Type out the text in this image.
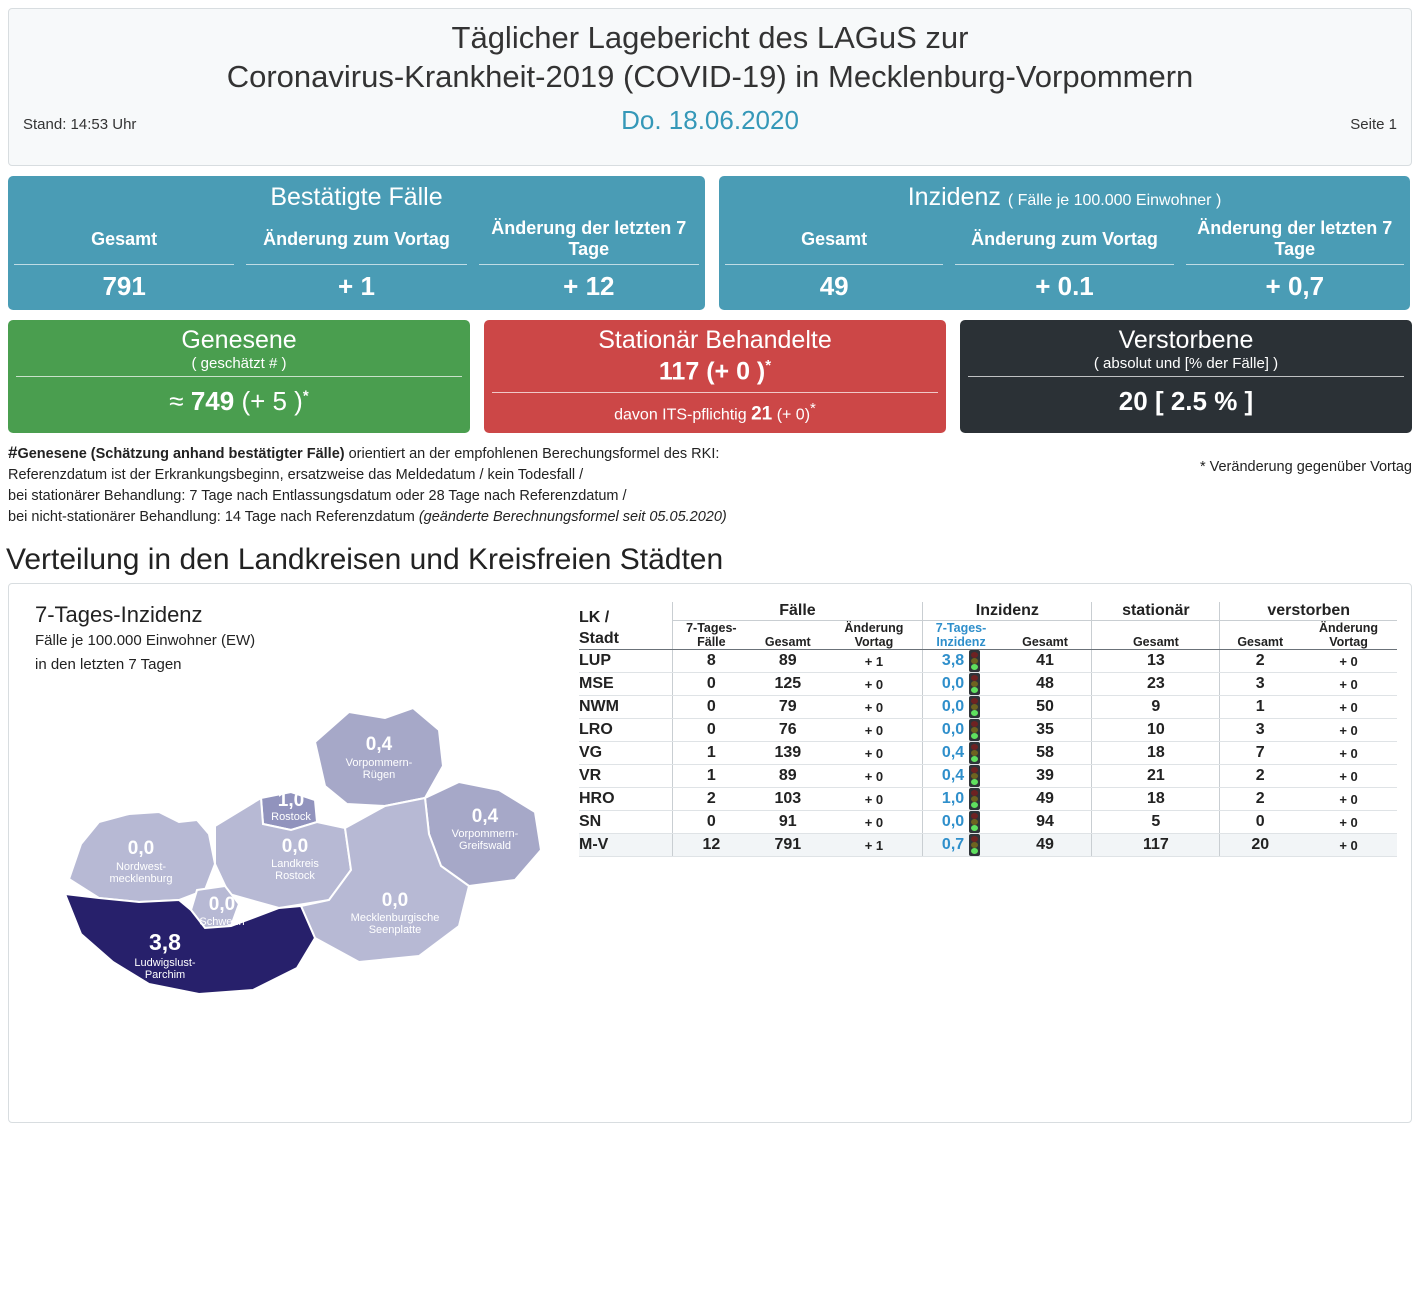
Täglicher Lagebericht des LAGuS zur
Coronavirus-Krankheit-2019 (COVID-19) in Mecklenburg-Vorpommern
Stand: 14:53 Uhr	Do. 18.06.2020	Seite 1
Bestätigte Fälle
Gesamt
791
Änderung zum Vortag
+ 1
Änderung der letzten 7 Tage
+ 12
Inzidenz ( Fälle je 100.000 Einwohner )
Gesamt
49
Änderung zum Vortag
+ 0.1
Änderung der letzten 7 Tage
+ 0,7
Genesene
( geschätzt # )
≈ 749 (+ 5 )*
Stationär Behandelte
117 (+ 0 )*
davon ITS-pflichtig 21 (+ 0)*
Verstorbene
( absolut und [% der Fälle] )
20 [ 2.5 % ]
#Genesene (Schätzung anhand bestätigter Fälle) orientiert an der empfohlenen Berechungsformel des RKI:
Referenzdatum ist der Erkrankungsbeginn, ersatzweise das Meldedatum / kein Todesfall /
bei stationärer Behandlung: 7 Tage nach Entlassungsdatum oder 28 Tage nach Referenzdatum /
bei nicht-stationärer Behandlung: 14 Tage nach Referenzdatum (geänderte Berechnungsformel seit 05.05.2020)
* Veränderung gegenüber Vortag
Verteilung in den Landkreisen und Kreisfreien Städten
7-Tages-Inzidenz
Fälle je 100.000 Einwohner (EW)
in den letzten 7 Tagen
0,4
Vorpommern-
Rügen
1,0
Rostock	0,4
Vorpommern-
Greifswald
0,0
Nordwest-
mecklenburg
0,0
Landkreis
Rostock
0,0
Schwerin
0,0
Mecklenburgische
Seenplatte
3,8
Ludwigslust-
Parchim
LK /
Stadt	Fälle			Inzidenz		stationär	verstorben	
	7-Tages-Fälle	Gesamt	Änderung
Vortag	7-Tages-
Inzidenz	Gesamt	Gesamt	Gesamt	Änderung
Vortag
LUP	8	89	+ 1	3,8	41	13	2	+ 0
MSE	0	125	+ 0	0,0	48	23	3	+ 0
NWM	0	79	+ 0	0,0	50	9	1	+ 0
LRO	0	76	+ 0	0,0	35	10	3	+ 0
VG	1	139	+ 0	0,4	58	18	7	+ 0
VR	1	89	+ 0	0,4	39	21	2	+ 0
HRO	2	103	+ 0	1,0	49	18	2	+ 0
SN	0	91	+ 0	0,0	94	5	0	+ 0
M-V	12	791	+ 1	0,7	49	117	20	+ 0
